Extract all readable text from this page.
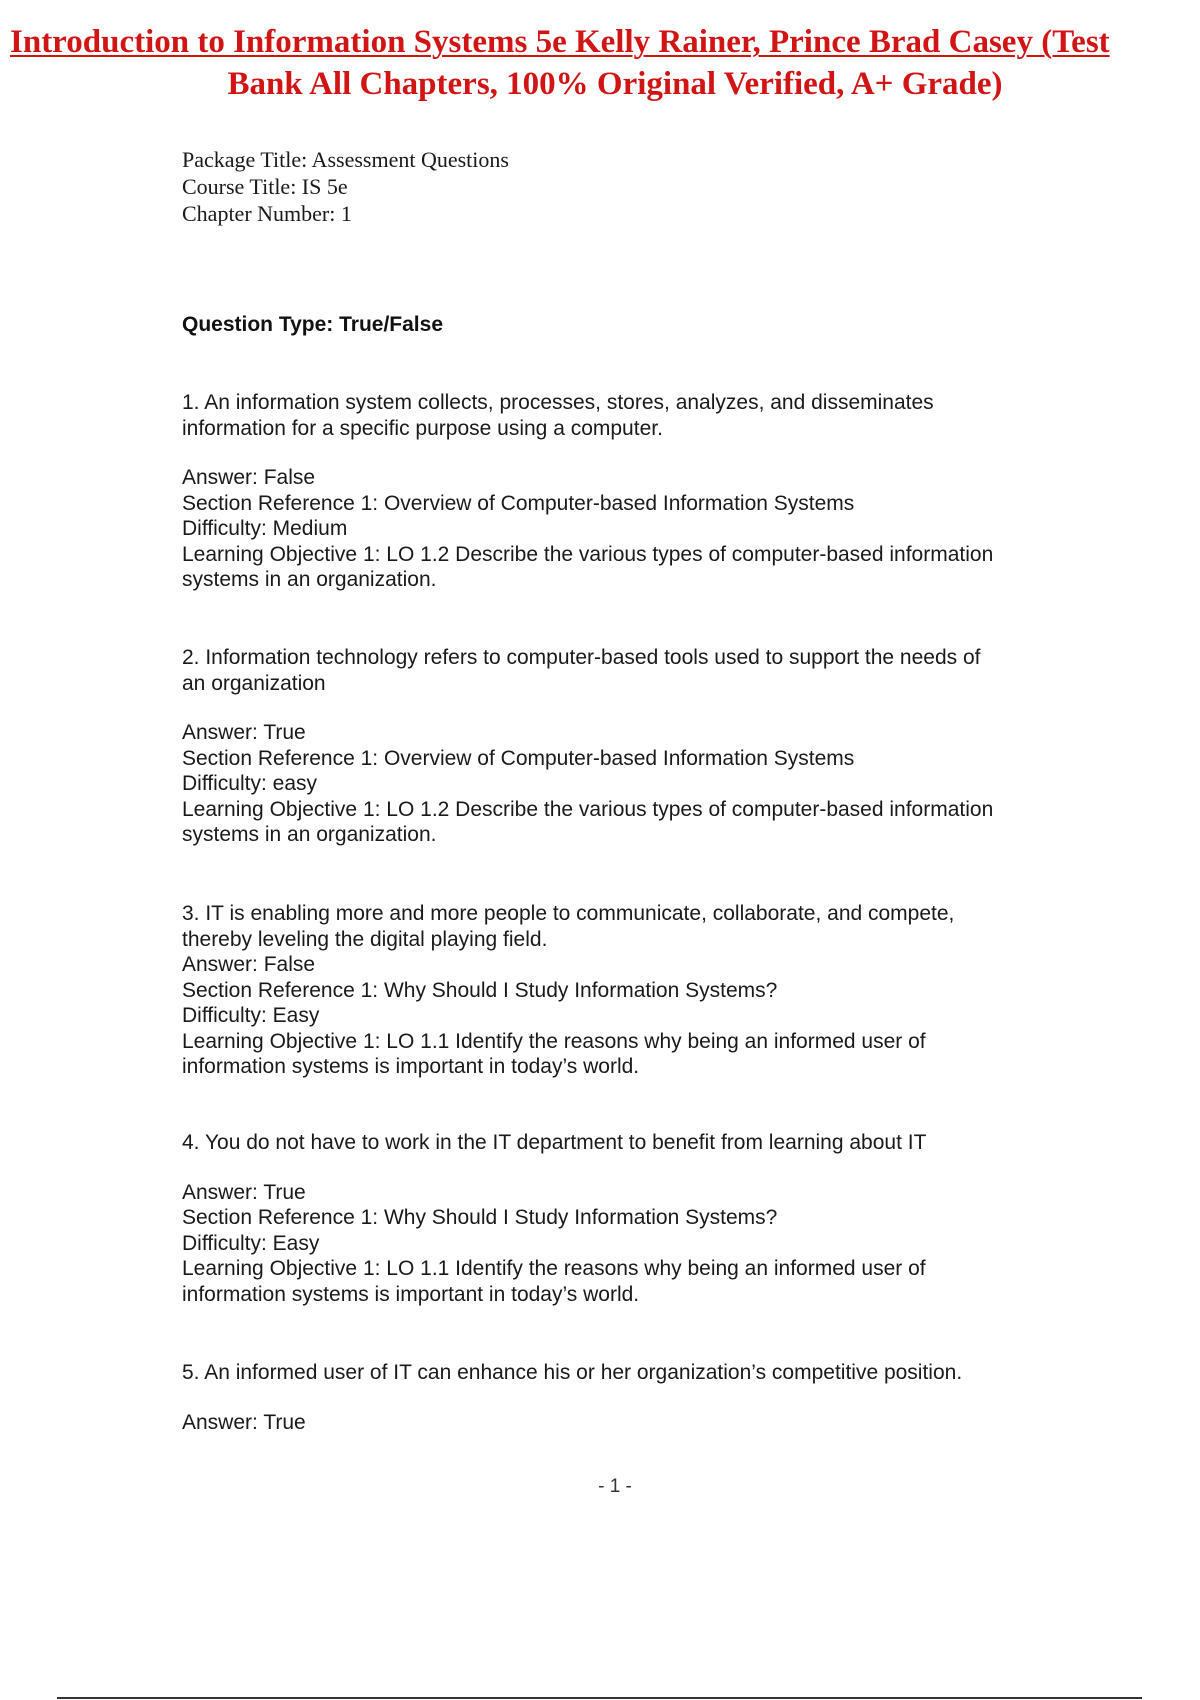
Introduction to Information Systems 5e Kelly Rainer, Prince Brad Casey (Test
Bank All Chapters, 100% Original Verified, A+ Grade)
Package Title: Assessment Questions
Course Title: IS 5e
Chapter Number: 1
Question Type: True/False
1. An information system collects, processes, stores, analyzes, and disseminates
information for a specific purpose using a computer.
Answer: False
Section Reference 1: Overview of Computer-based Information Systems
Difficulty: Medium
Learning Objective 1: LO 1.2 Describe the various types of computer-based information
systems in an organization.
2. Information technology refers to computer-based tools used to support the needs of
an organization
Answer: True
Section Reference 1: Overview of Computer-based Information Systems
Difficulty: easy
Learning Objective 1: LO 1.2 Describe the various types of computer-based information
systems in an organization.
3. IT is enabling more and more people to communicate, collaborate, and compete,
thereby leveling the digital playing field.
Answer: False
Section Reference 1: Why Should I Study Information Systems?
Difficulty: Easy
Learning Objective 1: LO 1.1 Identify the reasons why being an informed user of
information systems is important in today’s world.
4. You do not have to work in the IT department to benefit from learning about IT
Answer: True
Section Reference 1: Why Should I Study Information Systems?
Difficulty: Easy
Learning Objective 1: LO 1.1 Identify the reasons why being an informed user of
information systems is important in today’s world.
5. An informed user of IT can enhance his or her organization’s competitive position.
Answer: True
- 1 -
